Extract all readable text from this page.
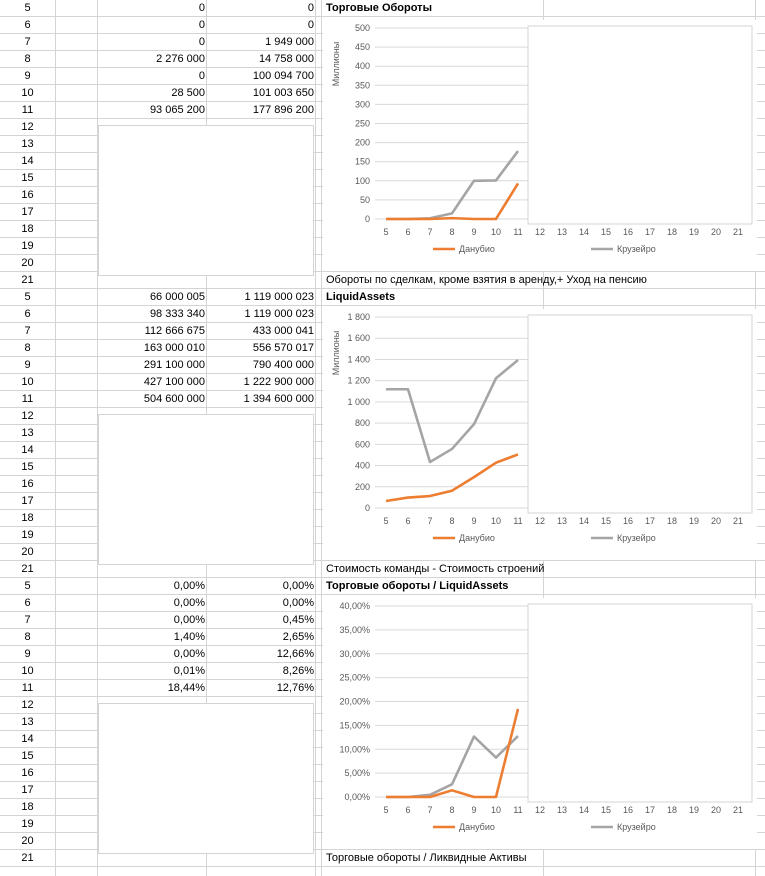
5	0	0
6	0	0
7	0	1 949 000
8	2 276 000	14 758 000
9	0	100 094 700
10	28 500	101 003 650
11	93 065 200	177 896 200
12
13
14
15
16
17
18
19
20
21
Торговые Обороты
Обороты по сделкам, кроме взятия в аренду,+ Уход на пенсию
0
50
100
150
200
250
300
350
400
450
500
Миллионы
5 6 7 8 9 10 11 12 13 14 15 16 17 18 19 20 21
Данубио	Крузейро
5	66 000 005	1 119 000 023
6	98 333 340	1 119 000 023
7	112 666 675	433 000 041
8	163 000 010	556 570 017
9	291 100 000	790 400 000
10	427 100 000	1 222 900 000
11	504 600 000	1 394 600 000
12
13
14
15
16
17
18
19
20
21
LiquidAssets
Стоимость команды - Стоимость строений
0
200
400
600
800
1 000
1 200
1 400
1 600
1 800
Миллионы
5 6 7 8 9 10 11 12 13 14 15 16 17 18 19 20 21
Данубио	Крузейро
5	0,00%	0,00%
6	0,00%	0,00%
7	0,00%	0,45%
8	1,40%	2,65%
9	0,00%	12,66%
10	0,01%	8,26%
11	18,44%	12,76%
12
13
14
15
16
17
18
19
20
21
Торговые обороты / LiquidAssets
Торговые обороты / Ликвидные Активы
0,00%
5,00%
10,00%
15,00%
20,00%
25,00%
30,00%
35,00%
40,00%
5 6 7 8 9 10 11 12 13 14 15 16 17 18 19 20 21
Данубио	Крузейро
